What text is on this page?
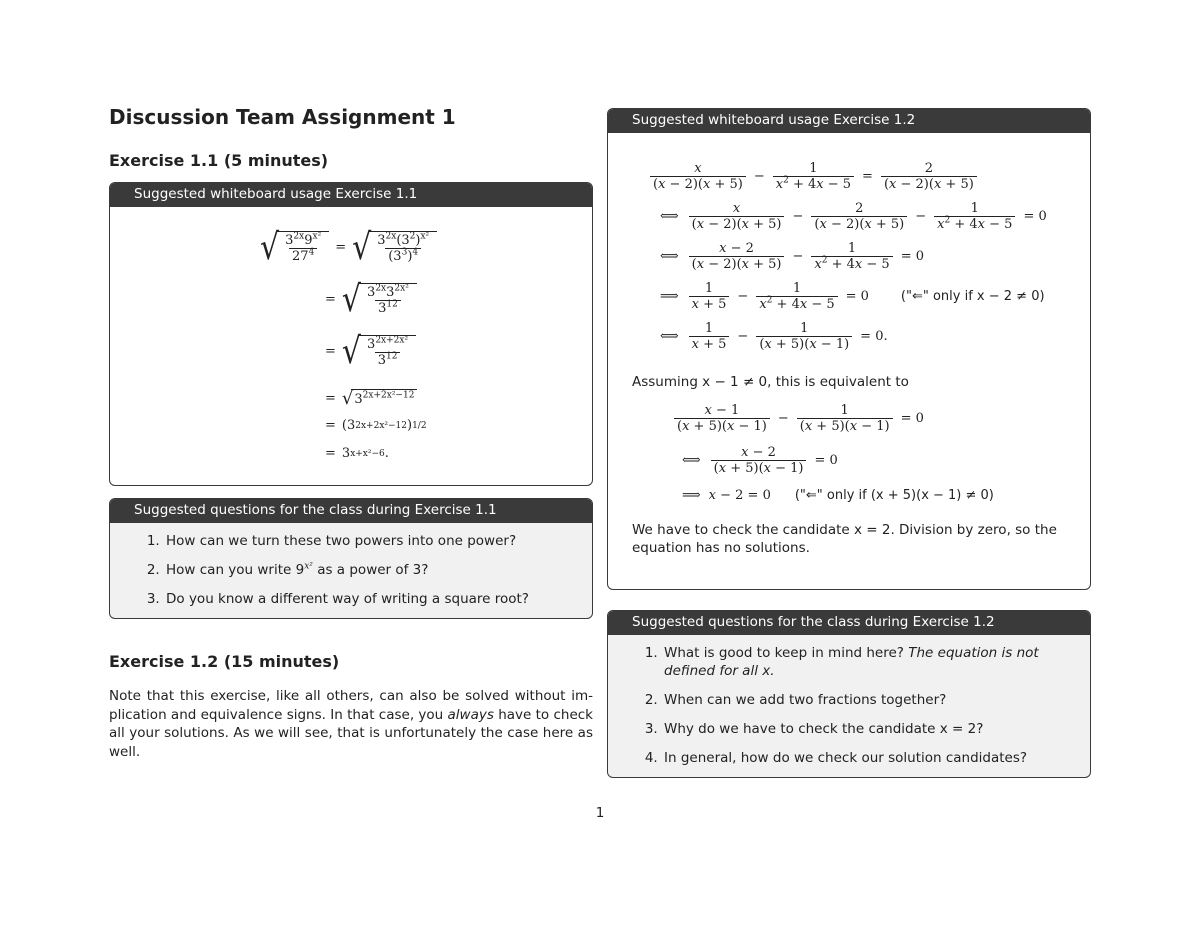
Discussion Team Assignment 1
Exercise 1.1 (5 minutes)
Suggested whiteboard usage Exercise 1.1
√ $\frac{3^{2x}9^{x^2}}{27^4}$ = √ $\frac{3^{2x}(3^2)^{x^2}}{(3^3)^4}$
= √ $\frac{3^{2x}3^{2x^2}}{3^{12}}$
= √ $\frac{3^{2x+2x^2}}{3^{12}}$
= √ $3^{2x+2x^2-12}$
= (3 2x+2x²−12 ) 1/2
= 3 x+x²−6 .
Suggested questions for the class during Exercise 1.1
1. How can we turn these two powers into one power?
2. How can you write $9^{x^2}$ as a power of 3?
3. Do you know a different way of writing a square root?
Exercise 1.2 (15 minutes)

Note that this exercise, like all others, can also be solved without im-plication and equivalence signs. In that case, you always have to check all your solutions. As we will see, that is unfortunately the case here as well.

Suggested whiteboard usage Exercise 1.2
$\frac{x}{(x - 2)(x + 5)} - \frac{1}{x^2 + 4x - 5} = \frac{2}{(x - 2)(x + 5)}$
⟺ $\frac{x}{(x - 2)(x + 5)} - \frac{2}{(x - 2)(x + 5)} - \frac{1}{x^2 + 4x - 5} = 0$
⟺ $\frac{x - 2}{(x - 2)(x + 5)} - \frac{1}{x^2 + 4x - 5} = 0$
⟹ $\frac{1}{x + 5} - \frac{1}{x^2 + 4x - 5} = 0$ ("⇐" only if x − 2 ≠ 0)
⟺ $\frac{1}{x + 5} - \frac{1}{(x + 5)(x - 1)} = 0$.
Assuming x − 1 ≠ 0, this is equivalent to
$\frac{x - 1}{(x + 5)(x - 1)} - \frac{1}{(x + 5)(x - 1)} = 0$
⟺ $\frac{x - 2}{(x + 5)(x - 1)} = 0$
⟹ x − 2 = 0 ("⇐" only if (x + 5)(x − 1) ≠ 0)
We have to check the candidate x = 2. Division by zero, so the equation has no solutions.
Suggested questions for the class during Exercise 1.2
1. What is good to keep in mind here? The equation is not defined for all x.
2. When can we add two fractions together?
3. Why do we have to check the candidate x = 2?
4. In general, how do we check our solution candidates?
1
